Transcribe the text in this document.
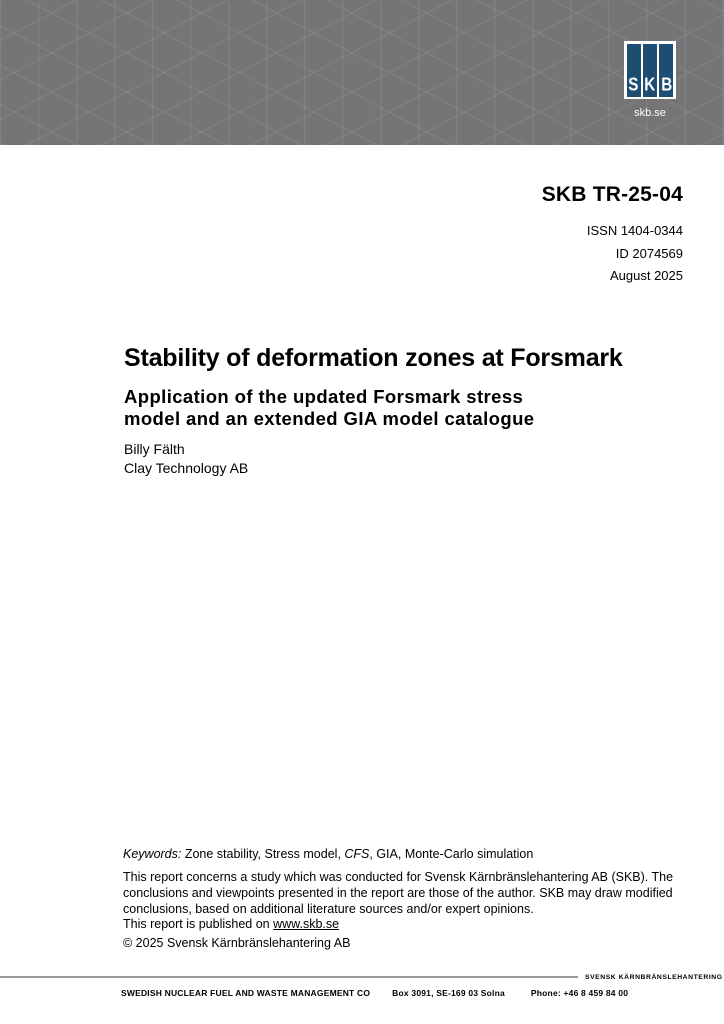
S K B
skb.se
SKB TR-25-04
ISSN 1404-0344
ID 2074569
August 2025
Stability of deformation zones at Forsmark
Application of the updated Forsmark stress
model and an extended GIA model catalogue
Billy Fälth
Clay Technology AB
Keywords: Zone stability, Stress model, CFS, GIA, Monte-Carlo simulation

This report concerns a study which was conducted for Svensk Kärnbränslehantering AB (SKB). The conclusions and viewpoints presented in the report are those of the author. SKB may draw modified conclusions, based on additional literature sources and/or expert opinions.

This report is published on www.skb.se

© 2025 Svensk Kärnbränslehantering AB

SVENSK KÄRNBRÄNSLEHANTERING
SWEDISH NUCLEAR FUEL AND WASTE MANAGEMENT CO	Box 3091, SE-169 03 Solna	Phone: +46 8 459 84 00
